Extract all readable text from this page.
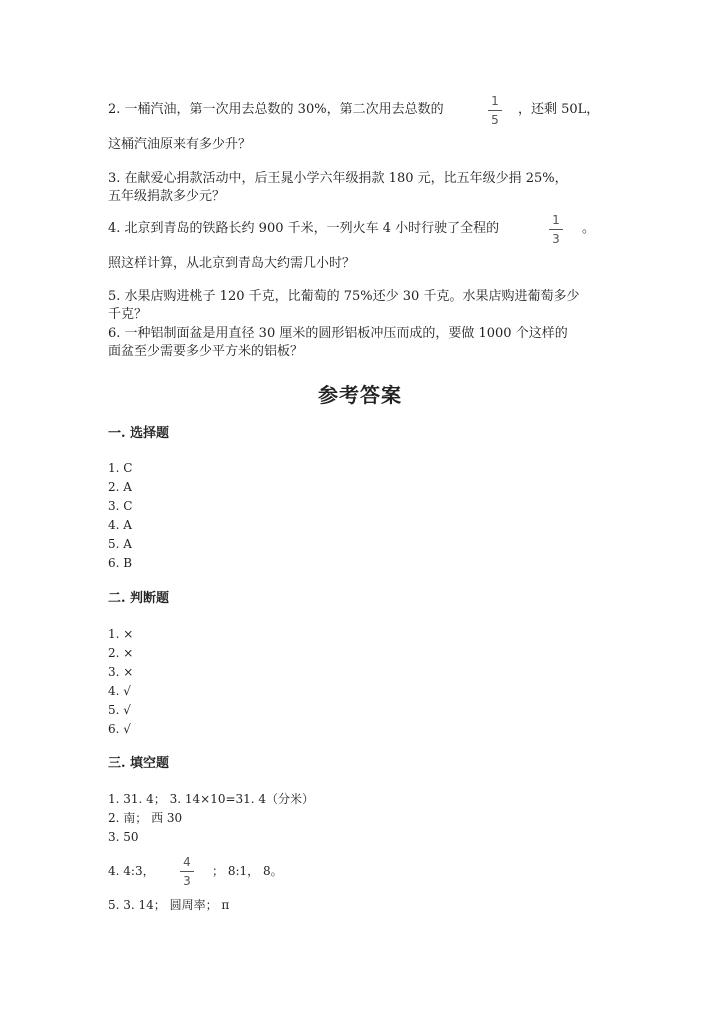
2. 一桶汽油，第一次用去总数的 30%，第二次用去总数的
1
5
，还剩 50L，
这桶汽油原来有多少升？
3. 在献爱心捐款活动中，后王晁小学六年级捐款 180 元，比五年级少捐 25%，
五年级捐款多少元？
4. 北京到青岛的铁路长约 900 千米，一列火车 4 小时行驶了全程的
1
3
。
照这样计算，从北京到青岛大约需几小时？
5. 水果店购进桃子 120 千克，比葡萄的 75%还少 30 千克。水果店购进葡萄多少
千克？
6. 一种铝制面盆是用直径 30 厘米的圆形铝板冲压而成的，要做 1000 个这样的
面盆至少需要多少平方米的铝板？
参考答案
一. 选择题
1. C
2. A
3. C
4. A
5. A
6. B
二. 判断题
1. ×
2. ×
3. ×
4. √
5. √
6. √
三. 填空题
1. 31. 4； 3. 14×10=31. 4（分米）
2. 南； 西 30
3. 50
4. 4:3，
4
3
； 8:1， 8。
5. 3. 14； 圆周率； π
